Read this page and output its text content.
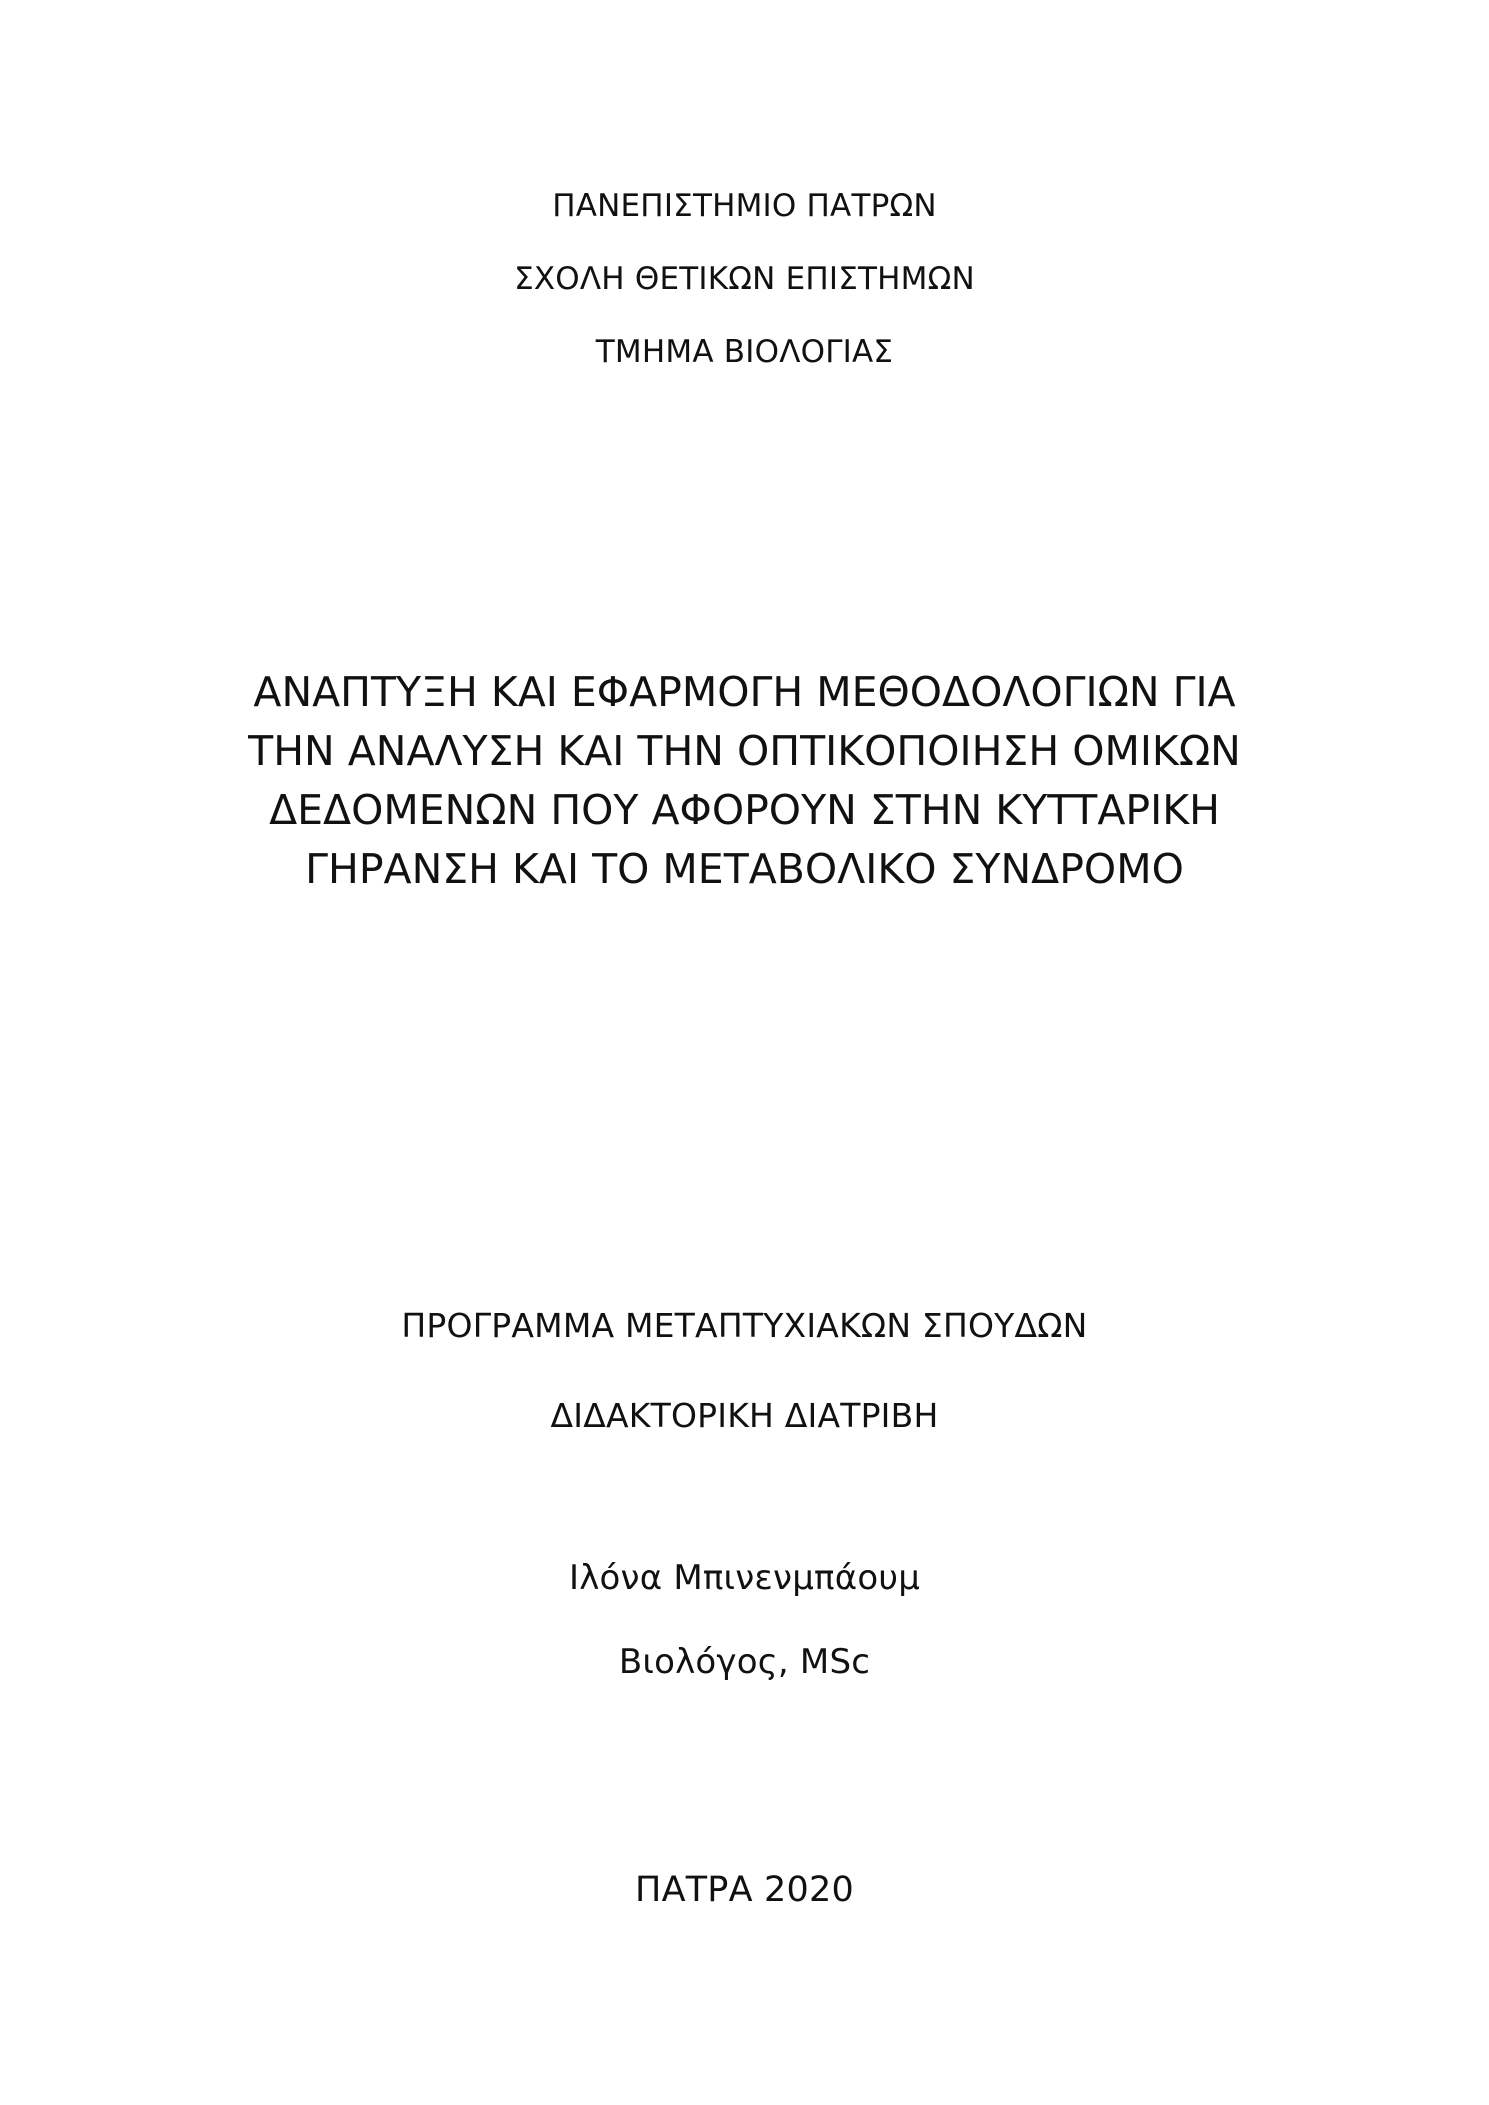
ΠΑΝΕΠΙΣΤΗΜΙΟ ΠΑΤΡΩΝ
ΣΧΟΛΗ ΘΕΤΙΚΩΝ ΕΠΙΣΤΗΜΩΝ
ΤΜΗΜΑ ΒΙΟΛΟΓΙΑΣ
ΑΝΑΠΤΥΞΗ ΚΑΙ ΕΦΑΡΜΟΓΗ ΜΕΘΟΔΟΛΟΓΙΩΝ ΓΙΑ
ΤΗΝ ΑΝΑΛΥΣΗ ΚΑΙ ΤΗΝ ΟΠΤΙΚΟΠΟΙΗΣΗ ΟΜΙΚΩΝ
ΔΕΔΟΜΕΝΩΝ ΠΟΥ ΑΦΟΡΟΥΝ ΣΤΗΝ ΚΥΤΤΑΡΙΚΗ
ΓΗΡΑΝΣΗ ΚΑΙ ΤΟ ΜΕΤΑΒΟΛΙΚΟ ΣΥΝΔΡΟΜΟ
ΠΡΟΓΡΑΜΜΑ ΜΕΤΑΠΤΥΧΙΑΚΩΝ ΣΠΟΥΔΩΝ
ΔΙΔΑΚΤΟΡΙΚΗ ΔΙΑΤΡΙΒΗ
Ιλόνα Μπινενμπάουμ
Βιολόγος, MSc
ΠΑΤΡΑ 2020
